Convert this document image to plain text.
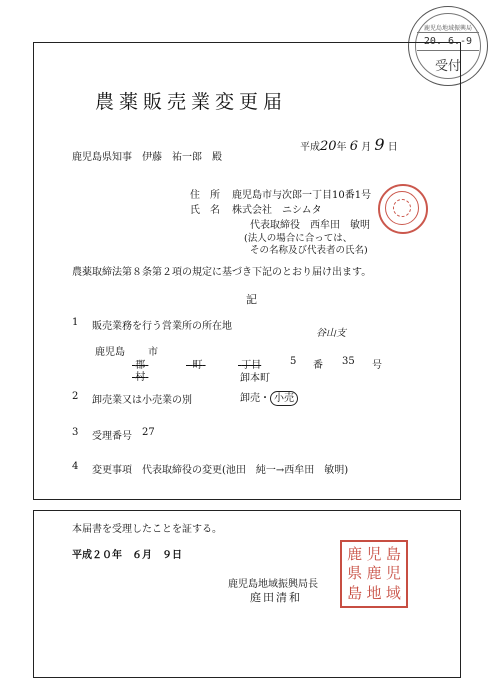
鹿児島地域振興局
20. 6.-9
受付
農薬販売業変更届
平成20年 6 月 9 日
鹿児島県知事　伊藤　祐一郎　殿
住　所 鹿児島市与次郎一丁目10番1号
氏　名 株式会社　ニシムタ
代表取締役　西牟田　敏明
(法人の場合に合っては、
その名称及び代表者の氏名)
農薬取締法第８条第２項の規定に基づき下記のとおり届け出ます。
記
1 販売業務を行う営業所の所在地
谷山支
鹿児島 市
郡	町	丁目	5 番 35 号
村	卸本町
2 卸売業又は小売業の別	卸売・ 小売
3 受理番号 27
4 変更事項 代表取締役の変更(池田　純一→西牟田　敏明)
本届書を受理したことを証する。
平成２０年　６月　９日
鹿児島地域振興局長
庭田清和
鹿 児 島
県 鹿 児
島 地 域
